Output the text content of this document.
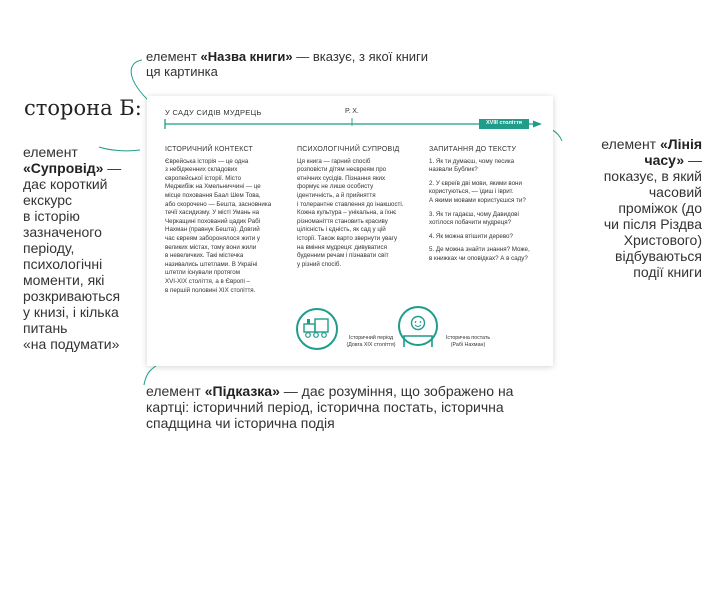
сторона Б:
елемент «Назва книги» — вказує, з якої книги
ця картинка
елемент
«Супровід» —
дає короткий
екскурс
в історію
зазначеного
періоду,
психологічні
моменти, які
розкриваються
у книзі, і кілька
питань
«на подумати»
елемент «Лінія
часу» —
показує, в який
часовий
проміжок (до
чи після Різдва
Христового)
відбуваються
події книги
елемент «Підказка» — дає розуміння, що зображено на
картці: історичний період, історична постать, історична
спадщина чи історична подія
У САДУ СИДІВ МУДРЕЦЬ	Р. Х.
XVIII століття
ІСТОРИЧНИЙ КОНТЕКСТ
Єврейська історія — це одна
з небідженних складових
європейської історії. Місто
Меджибіж на Хмельниччині — це
місце поховання Баал Шем Това,
або скорочено — Бешта, засновника
течії хасидизму. У місті Умань на
Черкащині похований цадик Рабі
Нахман (правнук Бешта). Довгий
час євреям заборонялося жити у
великих містах, тому вони жили
в невеличких. Такі містечка
називались штетлами. В Україні
штетли існували протягом
XVI-XIX століття, а в Європі –
в першій половині XIX століття.
ПСИХОЛОГІЧНИЙ СУПРОВІД
Ця книга — гарний спосіб
розповісти дітям неєвреям про
етнічних сусідів. Пізнання яких
формує не лише особисту
ідентичність, а й прийняття
і толерантне ставлення до інакшості.
Кожна культура – унікальна, а їхнє
різноманіття становить красиву
цілісність і єдність, як сад у цій
історії. Також варто звернути увагу
на вміння мудреця: дивуватися
буденним речам і пізнавати світ
у різний спосіб.
ЗАПИТАННЯ ДО ТЕКСТУ
1. Як ти думаєш, чому песика
назвали Бублик?
2. У євреїв дві мови, якими вони
користуються, — їдиш і іврит.
А якими мовами користуєшся ти?
3. Як ти гадаєш, чому Давидові
хотілося побачити мудреця?
4. Як можна втішити дерево?
5. Де можна знайти знання? Може,
в книжках чи оповідках? А в саду?
Історичний період
(Довга XIX століття)
Історична постать
(Рабі Нахман)
